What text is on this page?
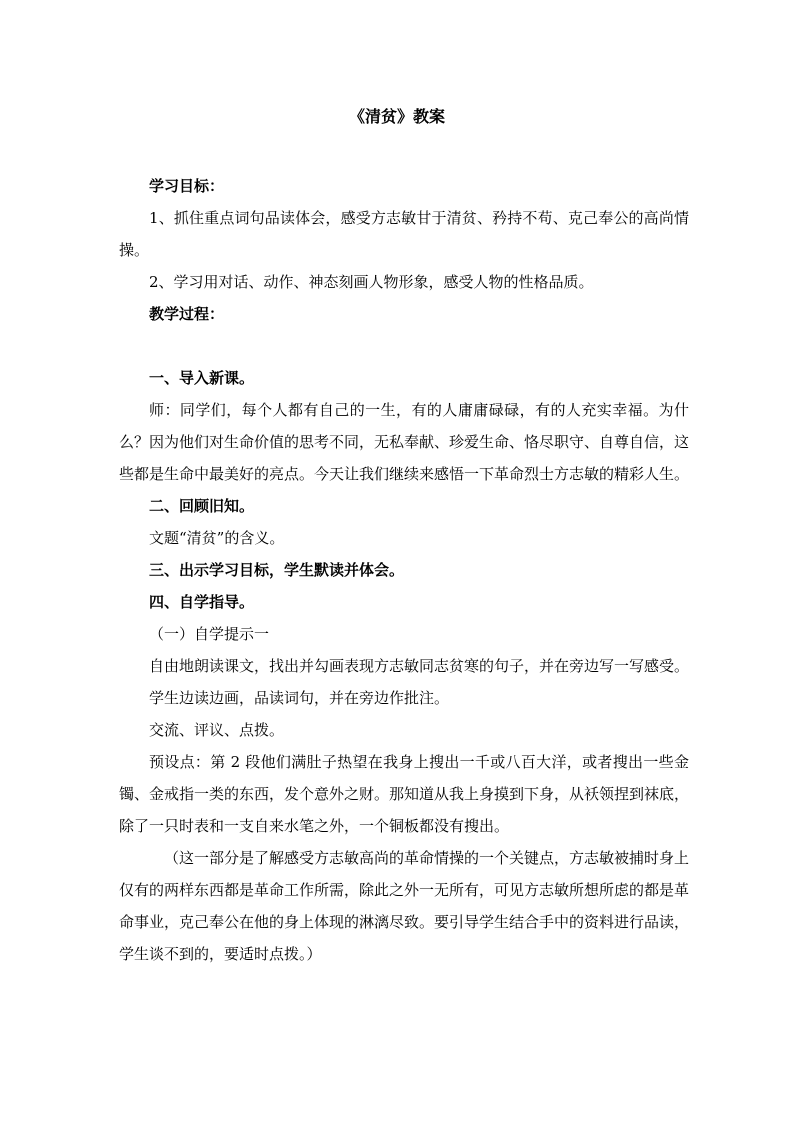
《清贫》教案

学习目标：

1、抓住重点词句品读体会，感受方志敏甘于清贫、矜持不苟、克己奉公的高尚情操。

2、学习用对话、动作、神态刻画人物形象，感受人物的性格品质。

教学过程：

一、导入新课。

师：同学们，每个人都有自己的一生，有的人庸庸碌碌，有的人充实幸福。为什么？因为他们对生命价值的思考不同，无私奉献、珍爱生命、恪尽职守、自尊自信，这些都是生命中最美好的亮点。今天让我们继续来感悟一下革命烈士方志敏的精彩人生。

二、回顾旧知。

文题“清贫”的含义。

三、出示学习目标，学生默读并体会。

四、自学指导。

（一）自学提示一

自由地朗读课文，找出并勾画表现方志敏同志贫寒的句子，并在旁边写一写感受。

学生边读边画，品读词句，并在旁边作批注。

交流、评议、点拨。

预设点：第 2 段他们满肚子热望在我身上搜出一千或八百大洋，或者搜出一些金镯、金戒指一类的东西，发个意外之财。那知道从我上身摸到下身，从袄领捏到袜底，除了一只时表和一支自来水笔之外，一个铜板都没有搜出。

（这一部分是了解感受方志敏高尚的革命情操的一个关键点，方志敏被捕时身上仅有的两样东西都是革命工作所需，除此之外一无所有，可见方志敏所想所虑的都是革命事业，克己奉公在他的身上体现的淋漓尽致。要引导学生结合手中的资料进行品读，学生谈不到的，要适时点拨。）
